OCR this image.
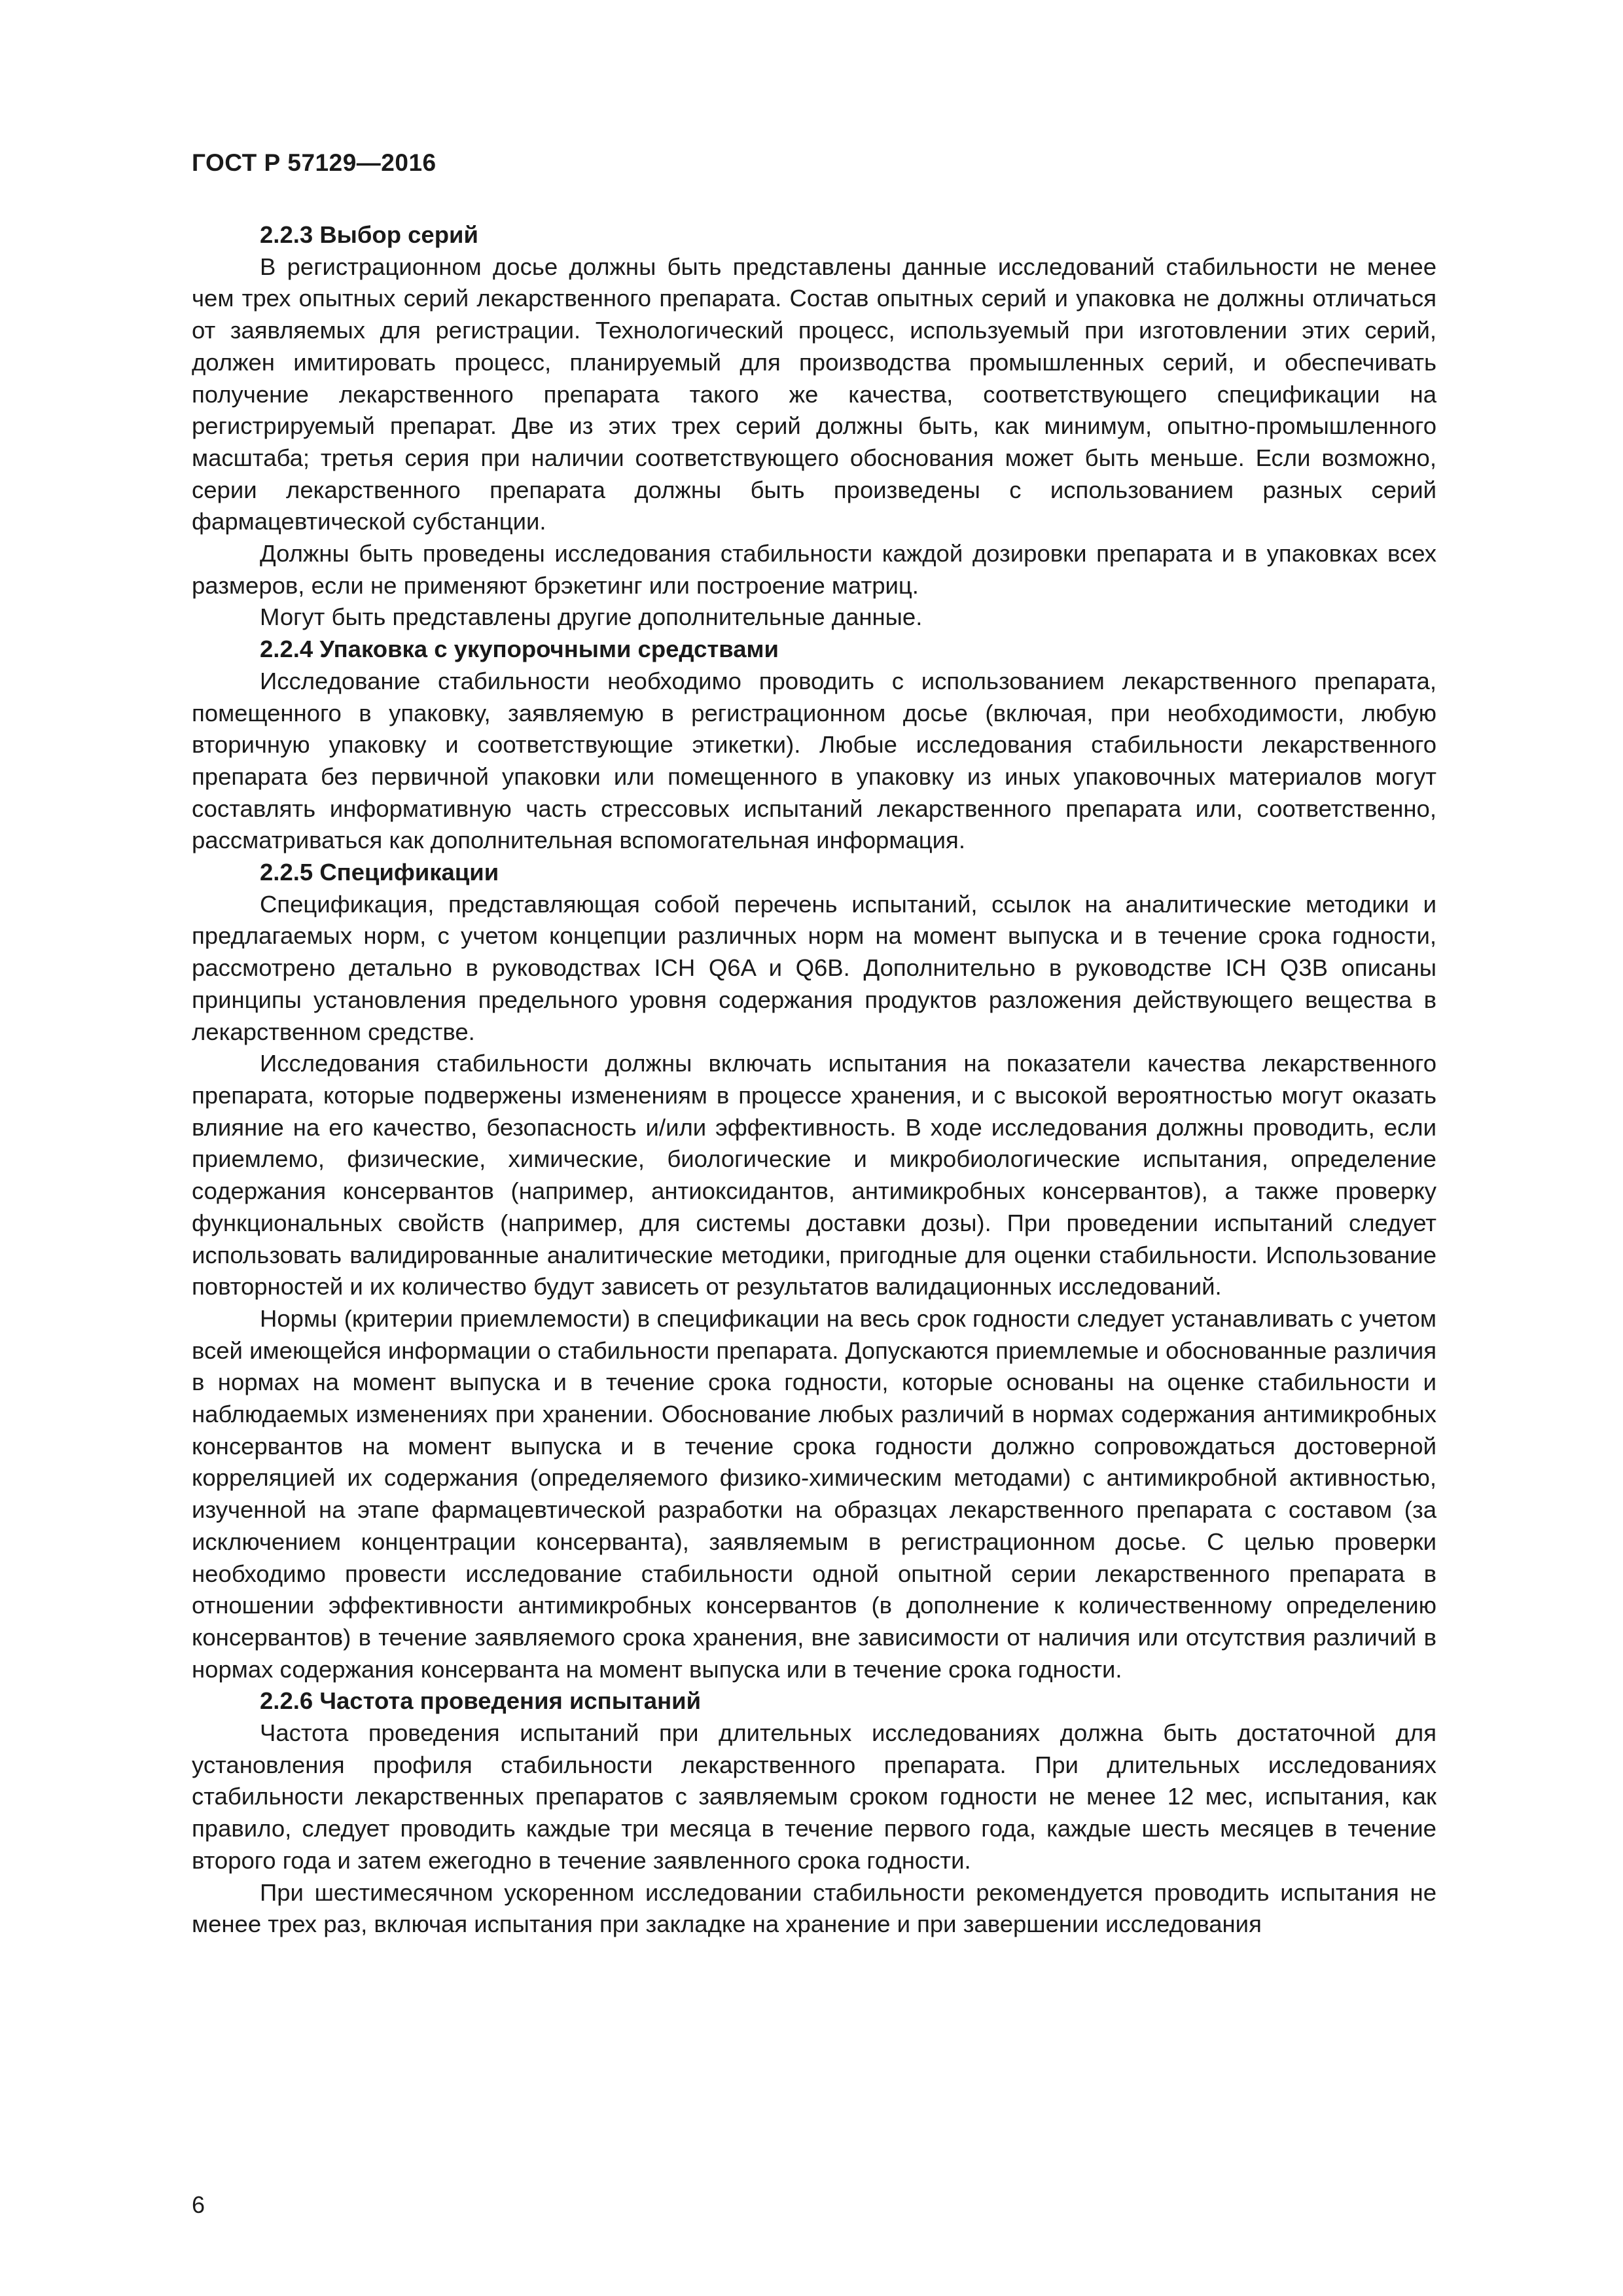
ГОСТ Р 57129—2016
2.2.3 Выбор серий

В регистрационном досье должны быть представлены данные исследований стабильности не менее чем трех опытных серий лекарственного препарата. Состав опытных серий и упаковка не должны отличаться от заявляемых для регистрации. Технологический процесс, используемый при изготовлении этих серий, должен имитировать процесс, планируемый для производства промышленных серий, и обеспечивать получение лекарственного препарата такого же качества, соответствующего спецификации на регистрируемый препарат. Две из этих трех серий должны быть, как минимум, опытно-промышленного масштаба; третья серия при наличии соответствующего обоснования может быть меньше. Если возможно, серии лекарственного препарата должны быть произведены с использованием разных серий фармацевтической субстанции.

Должны быть проведены исследования стабильности каждой дозировки препарата и в упаковках всех размеров, если не применяют брэкетинг или построение матриц.

Могут быть представлены другие дополнительные данные.

2.2.4 Упаковка с укупорочными средствами

Исследование стабильности необходимо проводить с использованием лекарственного препарата, помещенного в упаковку, заявляемую в регистрационном досье (включая, при необходимости, любую вторичную упаковку и соответствующие этикетки). Любые исследования стабильности лекарственного препарата без первичной упаковки или помещенного в упаковку из иных упаковочных материалов могут составлять информативную часть стрессовых испытаний лекарственного препарата или, соответственно, рассматриваться как дополнительная вспомогательная информация.

2.2.5 Спецификации

Спецификация, представляющая собой перечень испытаний, ссылок на аналитические методики и предлагаемых норм, с учетом концепции различных норм на момент выпуска и в течение срока годности, рассмотрено детально в руководствах ICH Q6A и Q6B. Дополнительно в руководстве ICH Q3B описаны принципы установления предельного уровня содержания продуктов разложения действующего вещества в лекарственном средстве.

Исследования стабильности должны включать испытания на показатели качества лекарственного препарата, которые подвержены изменениям в процессе хранения, и с высокой вероятностью могут оказать влияние на его качество, безопасность и/или эффективность. В ходе исследования должны проводить, если приемлемо, физические, химические, биологические и микробиологические испытания, определение содержания консервантов (например, антиоксидантов, антимикробных консервантов), а также проверку функциональных свойств (например, для системы доставки дозы). При проведении испытаний следует использовать валидированные аналитические методики, пригодные для оценки стабильности. Использование повторностей и их количество будут зависеть от результатов валидационных исследований.

Нормы (критерии приемлемости) в спецификации на весь срок годности следует устанавливать с учетом всей имеющейся информации о стабильности препарата. Допускаются приемлемые и обоснованные различия в нормах на момент выпуска и в течение срока годности, которые основаны на оценке стабильности и наблюдаемых изменениях при хранении. Обоснование любых различий в нормах содержания антимикробных консервантов на момент выпуска и в течение срока годности должно сопровождаться достоверной корреляцией их содержания (определяемого физико-химическим методами) с антимикробной активностью, изученной на этапе фармацевтической разработки на образцах лекарственного препарата с составом (за исключением концентрации консерванта), заявляемым в регистрационном досье. С целью проверки необходимо провести исследование стабильности одной опытной серии лекарственного препарата в отношении эффективности антимикробных консервантов (в дополнение к количественному определению консервантов) в течение заявляемого срока хранения, вне зависимости от наличия или отсутствия различий в нормах содержания консерванта на момент выпуска или в течение срока годности.

2.2.6 Частота проведения испытаний

Частота проведения испытаний при длительных исследованиях должна быть достаточной для установления профиля стабильности лекарственного препарата. При длительных исследованиях стабильности лекарственных препаратов с заявляемым сроком годности не менее 12 мес, испытания, как правило, следует проводить каждые три месяца в течение первого года, каждые шесть месяцев в течение второго года и затем ежегодно в течение заявленного срока годности.

При шестимесячном ускоренном исследовании стабильности рекомендуется проводить испытания не менее трех раз, включая испытания при закладке на хранение и при завершении исследования

6
